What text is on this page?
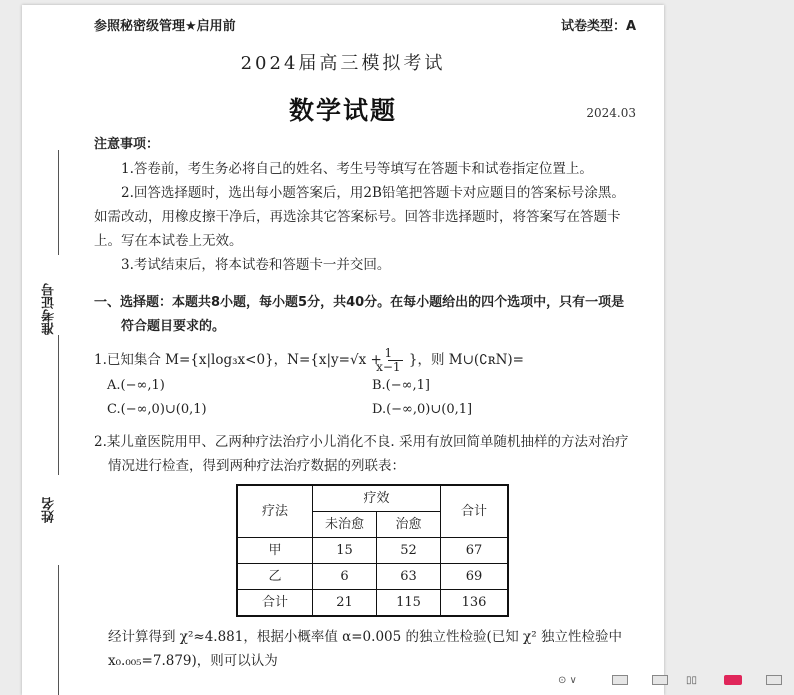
参照秘密级管理★启用前	试卷类型：A
2024届高三模拟考试
数学试题	2024.03
准考证号
姓名
注意事项：
1.答卷前，考生务必将自己的姓名、考生号等填写在答题卡和试卷指定位置上。
2.回答选择题时，选出每小题答案后，用2B铅笔把答题卡对应题目的答案标号涂黑。
如需改动，用橡皮擦干净后，再选涂其它答案标号。回答非选择题时，将答案写在答题卡
上。写在本试卷上无效。
3.考试结束后，将本试卷和答题卡一并交回。
一、选择题：本题共8小题，每小题5分，共40分。在每小题给出的四个选项中，只有一项是符合题目要求的。
1.已知集合 M={x|log₃x<0}，$N=\{x|y=√x + \frac{1}{x-1}$ }，则 M∪(∁ʀN)=
A.(−∞,1)	B.(−∞,1]
C.(−∞,0)∪(0,1)	D.(−∞,0)∪(0,1]
2.某儿童医院用甲、乙两种疗法治疗小儿消化不良. 采用有放回简单随机抽样的方法对治疗情况进行检查，得到两种疗法治疗数据的列联表：
疗法	疗效		合计
	未治愈	治愈	
甲	15	52	67
乙	6	63	69
合计	21	115	136
经计算得到 χ²≈4.881，根据小概率值 α=0.005 的独立性检验(已知 χ² 独立性检验中
x₀.₀₀₅=7.879)，则可以认为
⊙ ∨	▯▯
